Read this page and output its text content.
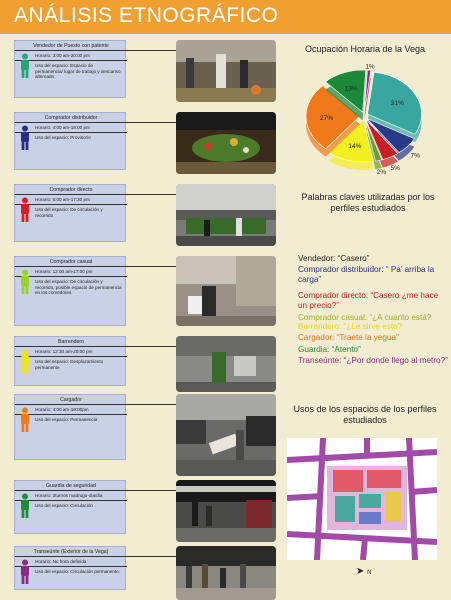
ANÁLISIS ETNOGRÁFICO
Vendedor de Puesto con patente
Horario: 3:00 am-20:00 pm
Uso del espacio: Espacio de permanencia/ lugar de trabajo y descanso alternado
Comprador distribuidor
Horario: 4:00 am-19:00 pm
Uso del espacio: Provisorio
Comprador directo
Horario: 6:00 am-17:30 pm
Uso del espacio: De circulación y recorrido
Comprador casual
Horario: 12:00 am-17:00 pm
Uso del espacio: De circulación y recorrido, posible espacio de permanencia en los comedores.
Barrendero
Horario: 12:30 am-20:00 pm
Uso del espacio: Desplazamiento permanente
Cargador
Horario: 4:00 am-19:00pm
Uso del espacio: Permanencia
Guardia de seguridad
Horario: 2turnos madrugo-dia/dia
Uso del espacio: Circulación
Transeúnte (Exterior de la Vega)
Horario: No hora definida
Uso del espacio: Circulación permanente.
Ocupación Horaria de la Vega
31%
7%
5%
2%
14%
27%
13%
1%
Palabras claves utilizadas por los perfiles estudiados
Vendedor: “Casero”
Comprador distribuidor: “ Pa’ arriba la carga”
Comprador directo: “Casero ¿me hace un precio?”
Comprador casual: “¿A cuanto está?
Barrendero: “¿Le sirve esto?
Cargador: “Traete la yegua”
Guardia: “Atento”
Transeúnte: “¿Por donde llego al metro?”
Usos de los espacios de los perfiles estudiados
➤ N
